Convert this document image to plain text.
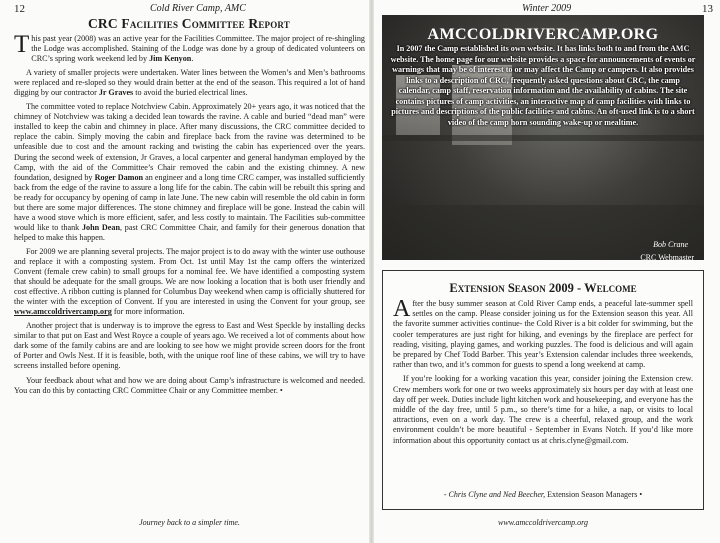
12	Cold River Camp, AMC
CRC Facilities Committee Report

This past year (2008) was an active year for the Facilities Committee. The major project of re-shingling the Lodge was accomplished. Staining of the Lodge was done by a group of dedicated volunteers on CRC’s spring work weekend led by Jim Kenyon.

A variety of smaller projects were undertaken. Water lines between the Women’s and Men’s bathrooms were replaced and re-sloped so they would drain better at the end of the season. This required a lot of hand digging by our contractor Jr Graves to avoid the buried electrical lines.

The committee voted to replace Notchview Cabin. Approximately 20+ years ago, it was noticed that the chimney of Notchview was taking a decided lean towards the ravine. A cable and buried “dead man” were installed to keep the cabin and chimney in place. After many discussions, the CRC committee decided to replace the cabin. Simply moving the cabin and fireplace back from the ravine was determined to be unfeasible due to cost and the amount racking and twisting the cabin has experienced over the years. During the second week of extension, Jr Graves, a local carpenter and general handyman employed by the Camp, with the aid of the Committee’s Chair removed the cabin and the existing chimney. A new foundation, designed by Roger Damon an engineer and a long time CRC camper, was installed sufficiently back from the edge of the ravine to assure a long life for the cabin. The cabin will be rebuilt this spring and be ready for occupancy by opening of camp in late June. The new cabin will resemble the old cabin in form but there are some major differences. The stone chimney and fireplace will be gone. Instead the cabin will have a wood stove which is more efficient, safer, and less costly to maintain. The Facilities sub-committee would like to thank John Dean, past CRC Committee Chair, and family for their generous donation that helped to make this happen.

For 2009 we are planning several projects. The major project is to do away with the winter use outhouse and replace it with a composting system. From Oct. 1st until May 1st the camp offers the winterized Convent (female crew cabin) to small groups for a nominal fee. We have identified a composting system that should be adequate for the small groups. We are now looking a location that is both user friendly and cost effective. A ribbon cutting is planned for Columbus Day weekend when camp is officially shuttered for the winter with the exception of Convent. If you are interested in using the Convent for your group, see www.amccoldrivercamp.org for more information.

Another project that is underway is to improve the egress to East and West Speckle by installing decks similar to that put on East and West Royce a couple of years ago. We received a lot of comments about how dark some of the family cabins are and are looking to see how we might provide screen doors for the front of Porter and Owls Nest. If it is feasible, both, with the unique roof line of these cabins, we will try to have screens installed before opening.

Your feedback about what and how we are doing about Camp’s infrastructure is welcomed and needed. You can do this by contacting CRC Committee Chair or any Committee member. •

Journey back to a simpler time.
Winter 2009	13
AMCCOLDRIVERCAMP.ORG
In 2007 the Camp established its own website. It has links both to and from the AMC website. The home page for our website provides a space for announcements of events or warnings that may be of interest to or may affect the Camp or campers. It also provides links to a description of CRC, frequently asked questions about CRC, the camp calendar, camp staff, reservation information and the availability of cabins. The site contains pictures of camp activities, an interactive map of camp facilities with links to pictures and descriptions of the public facilities and cabins. An oft-used link is to a short video of the camp horn sounding wake-up or mealtime.
Bob Crane
CRC Webmaster
Extension Season 2009 - Welcome

After the busy summer season at Cold River Camp ends, a peaceful late-summer spell settles on the camp. Please consider joining us for the Extension season this year. All the favorite summer activities continue- the Cold River is a bit colder for swimming, but the cooler temperatures are just right for hiking, and evenings by the fireplace are perfect for reading, visiting, playing games, and working puzzles. The food is delicious and will again be prepared by Chef Todd Barber. This year’s Extension calendar includes three weekends, rather than two, and it’s common for guests to spend a long weekend at camp.

If you’re looking for a working vacation this year, consider joining the Extension crew. Crew members work for one or two weeks approximately six hours per day with at least one day off per week. Duties include light kitchen work and housekeeping, and everyone has the middle of the day free, until 5 p.m., so there’s time for a hike, a nap, or visits to local attractions, even on a work day. The crew is a cheerful, relaxed group, and the work environment couldn’t be more beautiful - September in Evans Notch. If you’d like more information about this opportunity contact us at chris.clyne@gmail.com.

- Chris Clyne and Ned Beecher, Extension Season Managers •
www.amccoldrivercamp.org
